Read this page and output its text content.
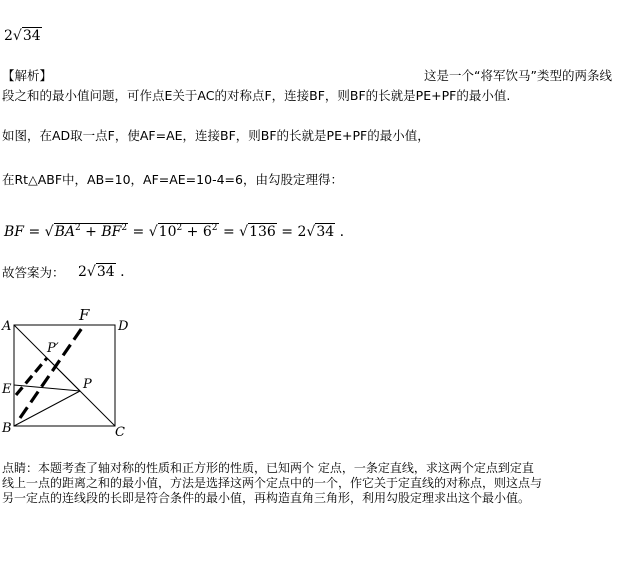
2√34
【解析】	这是一个“将军饮马”类型的两条线
段之和的最小值问题，可作点E关于AC的对称点F，连接BF，则BF的长就是PE+PF的最小值.
如图，在AD取一点F，使AF=AE，连接BF，则BF的长就是PE+PF的最小值，
在Rt△ABF中，AB=10，AF=AE=10-4=6，由勾股定理得：
BF = $√BA^2 + BF^2 = √10^2 + 6^2 = √136 = 2√34$ .
故答案为： 2√34 .
A	D
B	C
E	P
P′
F
点睛：本题考查了轴对称的性质和正方形的性质，已知两个 定点，一条定直线，求这两个定点到定直
线上一点的距离之和的最小值，方法是选择这两个定点中的一个，作它关于定直线的对称点，则这点与
另一定点的连线段的长即是符合条件的最小值，再构造直角三角形，利用勾股定理求出这个最小值。
